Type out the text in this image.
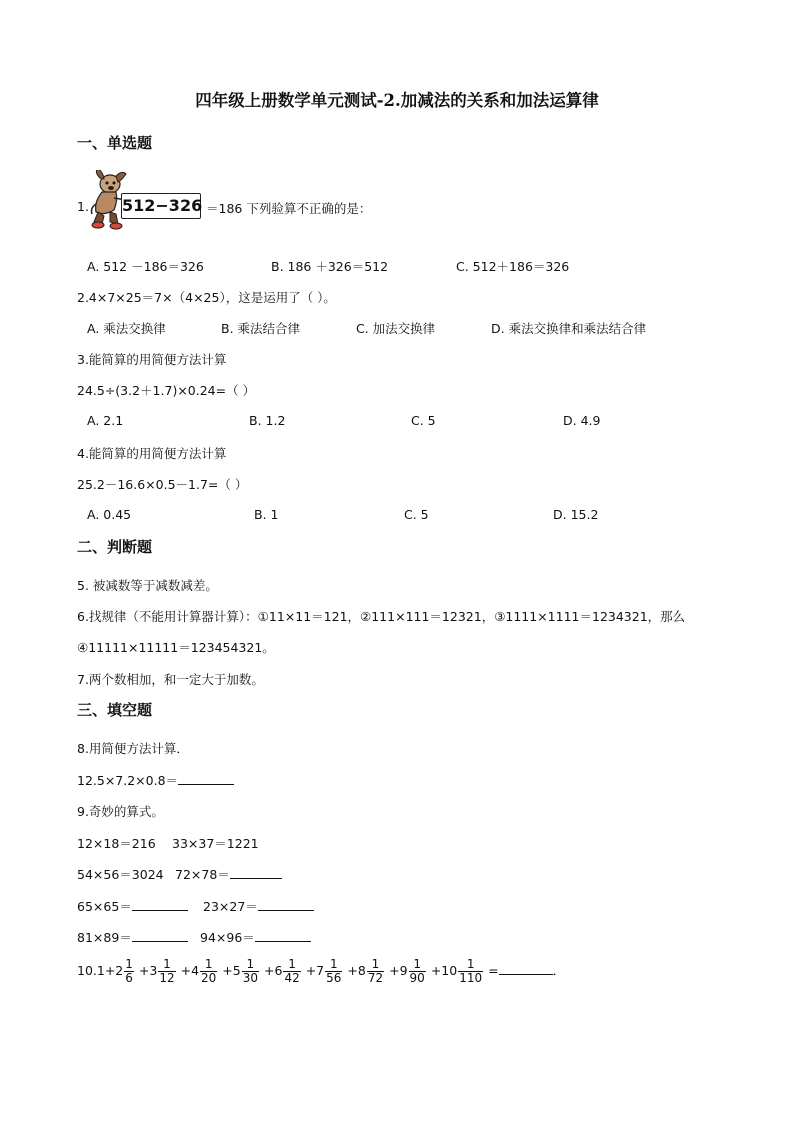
四年级上册数学单元测试-2.加减法的关系和加法运算律
一、单选题
1. 512−326 ＝186 下列验算不正确的是：
A. 512 －186＝326	B. 186 ＋326＝512	C. 512＋186＝326
2.4×7×25＝7×（4×25），这是运用了（ ）。
A. 乘法交换律	B. 乘法结合律	C. 加法交换律	D. 乘法交换律和乘法结合律
3.能简算的用简便方法计算
24.5÷(3.2＋1.7)×0.24=（ ）
A. 2.1	B. 1.2	C. 5	D. 4.9
4.能简算的用简便方法计算
25.2－16.6×0.5－1.7=（ ）
A. 0.45	B. 1	C. 5	D. 15.2
二、判断题
5. 被减数等于减数减差。
6.找规律（不能用计算器计算）：①11×11＝121，②111×111＝12321，③1111×1111＝1234321，那么
④11111×11111＝123454321。
7.两个数相加，和一定大于加数。
三、填空题
8.用简便方法计算．
12.5×7.2×0.8＝
9.奇妙的算式。
12×18＝216 33×37＝1221
54×56＝3024 72×78＝
65×65＝	23×27＝
81×89＝	94×96＝
$10.1+2 \frac{1}{6} +3 \frac{1}{12} +4 \frac{1}{20} +5 \frac{1}{30} +6 \frac{1}{42} +7 \frac{1}{56} +8 \frac{1}{72} +9 \frac{1}{90} +10 \frac{1}{110}$ =	．
